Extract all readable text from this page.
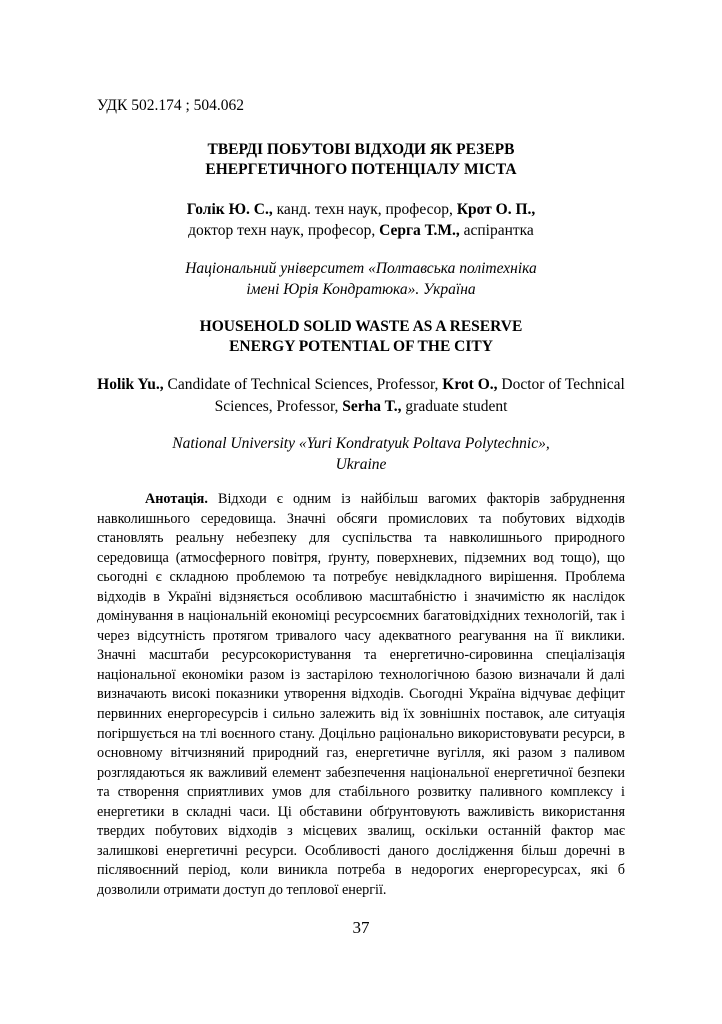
УДК 502.174 ; 504.062
ТВЕРДІ ПОБУТОВІ ВІДХОДИ ЯК РЕЗЕРВ
ЕНЕРГЕТИЧНОГО ПОТЕНЦІАЛУ МІСТА
Голік Ю. С., канд. техн наук, професор, Крот О. П.,
доктор техн наук, професор, Серга Т.М., аспірантка
Національний університет «Полтавська політехніка
імені Юрія Кондратюка». Україна
HOUSEHOLD SOLID WASTE AS A RESERVE
ENERGY POTENTIAL OF THE CITY
Holik Yu., Candidate of Technical Sciences, Professor, Krot O., Doctor of Technical Sciences, Professor, Serha T., graduate student
National University «Yuri Kondratyuk Poltava Polytechnic»,
Ukraine

Анотація. Відходи є одним із найбільш вагомих факторів забруднення навколишнього середовища. Значні обсяги промислових та побутових відходів становлять реальну небезпеку для суспільства та навколишнього природного середовища (атмосферного повітря, ґрунту, поверхневих, підземних вод тощо), що сьогодні є складною проблемою та потребує невідкладного вирішення. Проблема відходів в Україні відзняється особливою масштабністю і значимістю як наслідок домінування в національній економіці ресурсоємних багатовідхідних технологій, так і через відсутність протягом тривалого часу адекватного реагування на її виклики. Значні масштаби ресурсокористування та енергетично-сировинна спеціалізація національної економіки разом із застарілою технологічною базою визначали й далі визначають високі показники утворення відходів. Сьогодні Україна відчуває дефіцит первинних енергоресурсів і сильно залежить від їх зовнішніх поставок, але ситуація погіршується на тлі воєнного стану. Доцільно раціонально використовувати ресурси, в основному вітчизняний природний газ, енергетичне вугілля, які разом з паливом розглядаються як важливий елемент забезпечення національної енергетичної безпеки та створення сприятливих умов для стабільного розвитку паливного комплексу і енергетики в складні часи. Ці обставини обґрунтовують важливість використання твердих побутових відходів з місцевих звалищ, оскільки останній фактор має залишкові енергетичні ресурси. Особливості даного дослідження більш доречні в післявоєнний період, коли виникла потреба в недорогих енергоресурсах, які б дозволили отримати доступ до теплової енергії.

37
